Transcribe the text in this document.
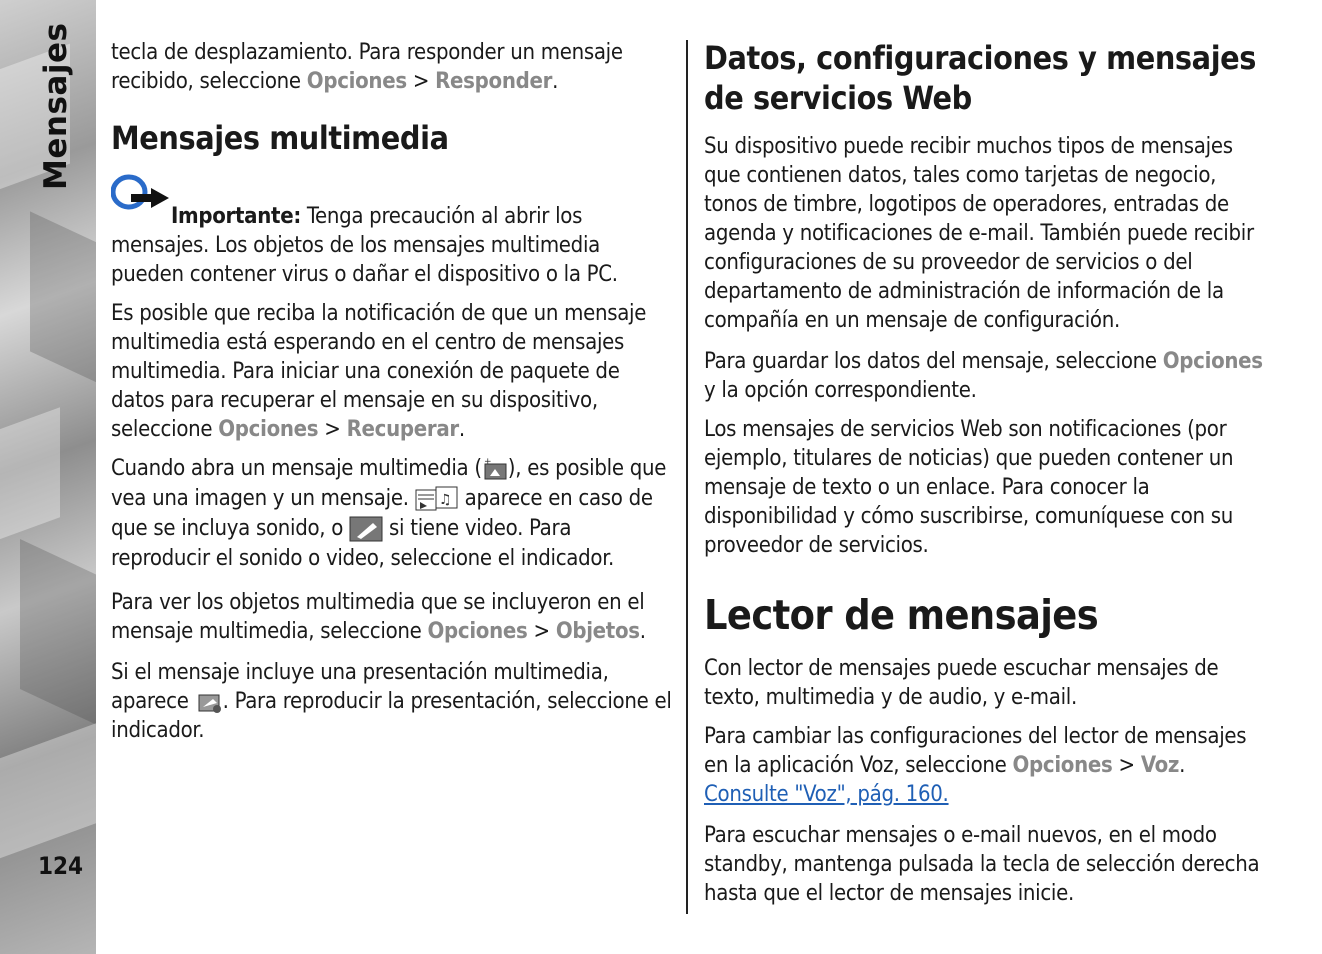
Mensajes
124

tecla de desplazamiento. Para responder un mensaje recibido, seleccione Opciones > Responder.

Mensajes multimedia

Importante: Tenga precaución al abrir los mensajes. Los objetos de los mensajes multimedia pueden contener virus o dañar el dispositivo o la PC.

Es posible que reciba la notificación de que un mensaje multimedia está esperando en el centro de mensajes multimedia. Para iniciar una conexión de paquete de datos para recuperar el mensaje en su dispositivo, seleccione Opciones > Recuperar.

Cuando abra un mensaje multimedia ( + ), es posible que vea una imagen y un mensaje. ♫ aparece en caso de que se incluya sonido, o  si tiene video. Para reproducir el sonido o video, seleccione el indicador.

Para ver los objetos multimedia que se incluyeron en el mensaje multimedia, seleccione Opciones > Objetos.

Si el mensaje incluye una presentación multimedia, aparece . Para reproducir la presentación, seleccione el indicador.

Datos, configuraciones y mensajes de servicios Web

Su dispositivo puede recibir muchos tipos de mensajes que contienen datos, tales como tarjetas de negocio, tonos de timbre, logotipos de operadores, entradas de agenda y notificaciones de e-mail. También puede recibir configuraciones de su proveedor de servicios o del departamento de administración de información de la compañía en un mensaje de configuración.

Para guardar los datos del mensaje, seleccione Opciones y la opción correspondiente.

Los mensajes de servicios Web son notificaciones (por ejemplo, titulares de noticias) que pueden contener un mensaje de texto o un enlace. Para conocer la disponibilidad y cómo suscribirse, comuníquese con su proveedor de servicios.

Lector de mensajes

Con lector de mensajes puede escuchar mensajes de texto, multimedia y de audio, y e-mail.

Para cambiar las configuraciones del lector de mensajes en la aplicación Voz, seleccione Opciones > Voz. Consulte "Voz", pág. 160.

Para escuchar mensajes o e-mail nuevos, en el modo standby, mantenga pulsada la tecla de selección derecha hasta que el lector de mensajes inicie.
